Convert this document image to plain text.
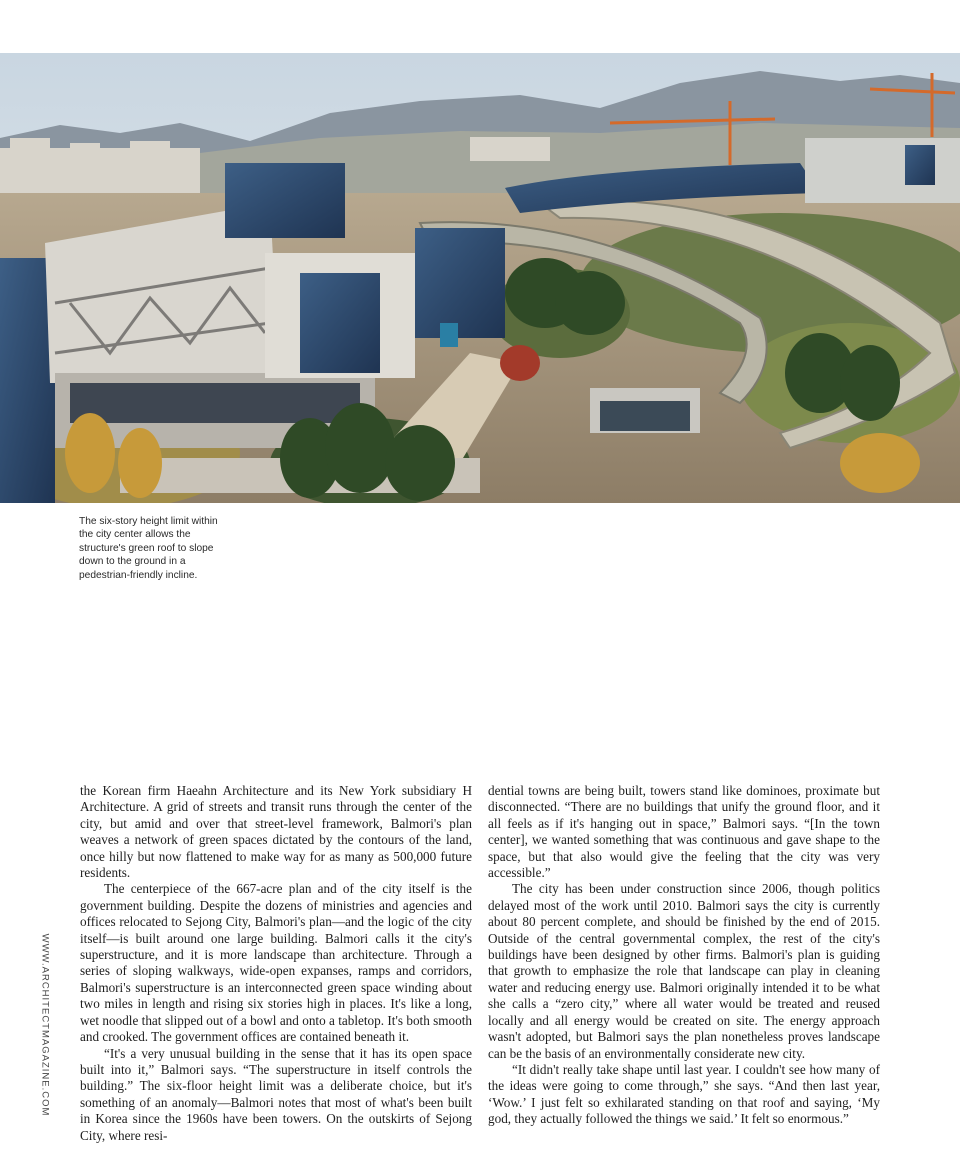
The six-story height limit within the city center allows the structure's green roof to slope down to the ground in a pedestrian-friendly incline.
WWW.ARCHITECTMAGAZINE.COM

the Korean firm Haeahn Architecture and its New York subsidiary H Architecture. A grid of streets and transit runs through the center of the city, but amid and over that street-level framework, Balmori's plan weaves a network of green spaces dictated by the contours of the land, once hilly but now flattened to make way for as many as 500,000 future residents.

The centerpiece of the 667-acre plan and of the city itself is the government building. Despite the dozens of ministries and agencies and offices relocated to Sejong City, Balmori's plan—and the logic of the city itself—is built around one large building. Balmori calls it the city's superstructure, and it is more landscape than architecture. Through a series of sloping walkways, wide-open expanses, ramps and corridors, Balmori's superstructure is an interconnected green space winding about two miles in length and rising six stories high in places. It's like a long, wet noodle that slipped out of a bowl and onto a tabletop. It's both smooth and crooked. The government offices are contained beneath it.

“It's a very unusual building in the sense that it has its open space built into it,” Balmori says. “The superstructure in itself controls the building.” The six-floor height limit was a deliberate choice, but it's something of an anomaly—Balmori notes that most of what's been built in Korea since the 1960s have been towers. On the outskirts of Sejong City, where resi-

dential towns are being built, towers stand like dominoes, proximate but disconnected. “There are no buildings that unify the ground floor, and it all feels as if it's hanging out in space,” Balmori says. “[In the town center], we wanted something that was continuous and gave shape to the space, but that also would give the feeling that the city was very accessible.”

The city has been under construction since 2006, though politics delayed most of the work until 2010. Balmori says the city is currently about 80 percent complete, and should be finished by the end of 2015. Outside of the central governmental complex, the rest of the city's buildings have been designed by other firms. Balmori's plan is guiding that growth to emphasize the role that landscape can play in cleaning water and reducing energy use. Balmori originally intended it to be what she calls a “zero city,” where all water would be treated and reused locally and all energy would be created on site. The energy approach wasn't adopted, but Balmori says the plan nonetheless proves landscape can be the basis of an environmentally considerate new city.

“It didn't really take shape until last year. I couldn't see how many of the ideas were going to come through,” she says. “And then last year, ‘Wow.’ I just felt so exhilarated standing on that roof and saying, ‘My god, they actually followed the things we said.’ It felt so enormous.”
